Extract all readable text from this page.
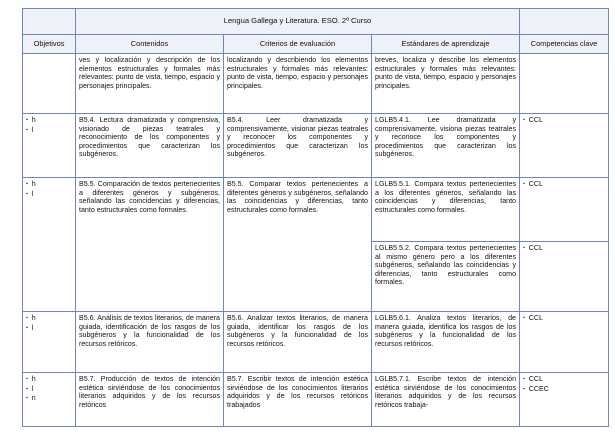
	Lengua Gallega y Literatura. ESO. 2º Curso			
Objetivos	Contenidos	Criterios de evaluación	Estándares de aprendizaje	Competencias clave
	ves y localización y descripción de los elementos estructurales y formales más relevantes: punto de vista, tiempo, espacio y personajes principales.	localizando y describiendo los elementos estructurales y formales más relevantes: punto de vista, tiempo, espacio y personajes principales.	breves, localiza y describe los elementos estructurales y formales más relevantes: punto de vista, tiempo, espacio y personajes principales.	

▪ h
▪ l	B5.4. Lectura dramatizada y comprensiva, visionado de piezas teatrales y reconocimiento de los componentes y procedimientos que caracterizan los subgéneros.	B5.4. Leer dramatizada y comprensivamente, visionar piezas teatrales y reconocer los componentes y procedimientos que caracterizan los subgéneros.	LGLB5.4.1. Lee dramatizada y comprensivamente, visiona piezas teatrales y reconoce los componentes y procedimientos que caracterizan los subgéneros.	▪ CCL

▪ h
▪ l	B5.5. Comparación de textos pertenecientes a diferentes géneros y subgéneros, señalando las coincidencias y diferencias, tanto estructurales como formales.	B5.5. Comparar textos pertenecientes a diferentes géneros y subgéneros, señalando las coincidencias y diferencias, tanto estructurales como formales.	LGLB5.5.1. Compara textos pertenecientes a los diferentes géneros, señalando las coincidencias y diferencias, tanto estructurales como formales.	▪ CCL

			LGLB5.5.2. Compara textos pertenecientes al mismo género pero a los diferentes subgéneros, señalando las coincidencias y diferencias, tanto estructurales como formales.	▪ CCL

▪ h
▪ l	B5.6. Análisis de textos literarios, de manera guiada, identificación de los rasgos de los subgéneros y la funcionalidad de los recursos retóricos.	B5.6. Analizar textos literarios, de manera guiada, identificar los rasgos de los subgéneros y la funcionalidad de los recursos retóricos.	LGLB5.6.1. Analiza textos literarios, de manera guiada, identifica los rasgos de los subgéneros y la funcionalidad de los recursos retóricos.	▪ CCL

▪ h
▪ l
▪ n	B5.7. Producción de textos de intención estética sirviéndose de los conocimientos literarios adquiridos y de los recursos retóricos	B5.7. Escribir textos de intención estética sirviéndose de los conocimientos literarios adquiridos y de los recursos retóricos trabajados	LGLB5.7.1. Escribe textos de intención estética sirviéndose de los conocimientos literarios adquiridos y de los recursos retóricos trabaja-	▪ CCL
▪ CCEC
